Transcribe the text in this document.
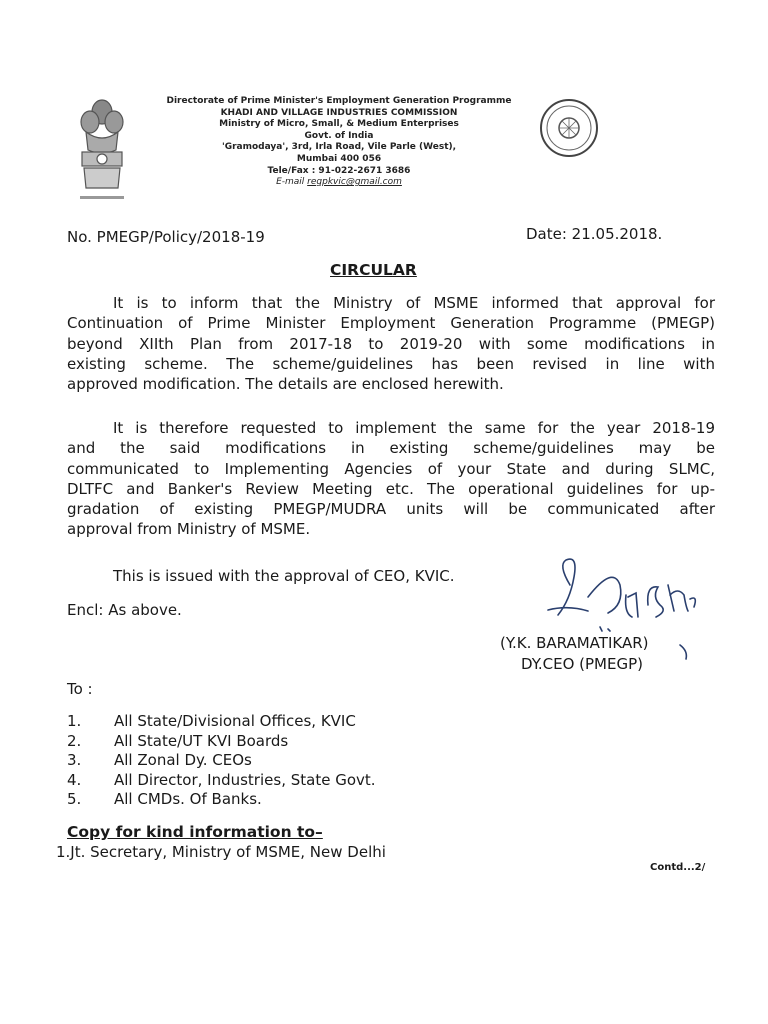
Directorate of Prime Minister's Employment Generation Programme
KHADI AND VILLAGE INDUSTRIES COMMISSION
Ministry of Micro, Small, & Medium Enterprises
Govt. of India
'Gramodaya', 3rd, Irla Road, Vile Parle (West),
Mumbai 400 056
Tele/Fax : 91-022-2671 3686
E-mail regpkvic@gmail.com
No. PMEGP/Policy/2018-19	Date: 21.05.2018.
CIRCULAR
It is to inform that the Ministry of MSME informed that approval for
Continuation of Prime Minister Employment Generation Programme (PMEGP)
beyond XIIth Plan from 2017-18 to 2019-20 with some modifications in
existing scheme. The scheme/guidelines has been revised in line with
approved modification. The details are enclosed herewith.
It is therefore requested to implement the same for the year 2018-19
and the said modifications in existing scheme/guidelines may be
communicated to Implementing Agencies of your State and during SLMC,
DLTFC and Banker's Review Meeting etc. The operational guidelines for up-
gradation of existing PMEGP/MUDRA units will be communicated after
approval from Ministry of MSME.
This is issued with the approval of CEO, KVIC.
Encl: As above.
(Y.K. BARAMATIKAR)
DY.CEO (PMEGP)
To :
1.	All State/Divisional Offices, KVIC
2.	All State/UT KVI Boards
3.	All Zonal Dy. CEOs
4.	All Director, Industries, State Govt.
5.	All CMDs. Of Banks.
Copy for kind information to–
1.Jt. Secretary, Ministry of MSME, New Delhi
Contd...2/
